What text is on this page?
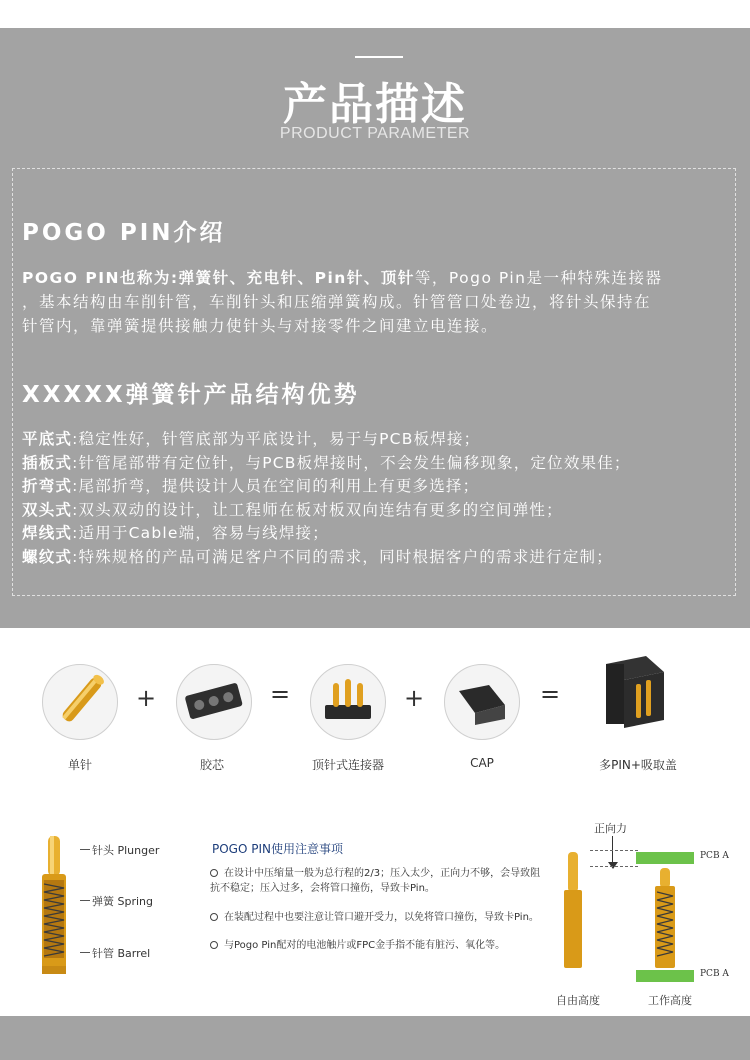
产品描述
PRODUCT PARAMETER
POGO PIN介绍
POGO PIN也称为:弹簧针、充电针、Pin针、顶针等，Pogo Pin是一种特殊连接器
，基本结构由车削针管，车削针头和压缩弹簧构成。针管管口处卷边，将针头保持在
针管内，靠弹簧提供接触力使针头与对接零件之间建立电连接。
XXXXX弹簧针产品结构优势
平底式:稳定性好，针管底部为平底设计，易于与PCB板焊接；
插板式:针管尾部带有定位针，与PCB板焊接时，不会发生偏移现象，定位效果佳；
折弯式:尾部折弯，提供设计人员在空间的利用上有更多选择；
双头式:双头双动的设计，让工程师在板对板双向连结有更多的空间弹性；
焊线式:适用于Cable端，容易与线焊接；
螺纹式:特殊规格的产品可满足客户不同的需求，同时根据客户的需求进行定制；
+	=	+	=
单针	胶芯	顶针式连接器	CAP	多PIN+吸取盖
针头 Plunger
弹簧 Spring
针管 Barrel
POGO PIN使用注意事项
在设计中压缩量一般为总行程的2/3；压入太少，正向力不够，会导致阻抗不稳定；压入过多，会将管口撞伤，导致卡Pin。
在装配过程中也要注意让管口避开受力，以免将管口撞伤，导致卡Pin。
与Pogo Pin配对的电池触片或FPC金手指不能有脏污、氧化等。
正向力
PCB A
PCB A
自由高度	工作高度
